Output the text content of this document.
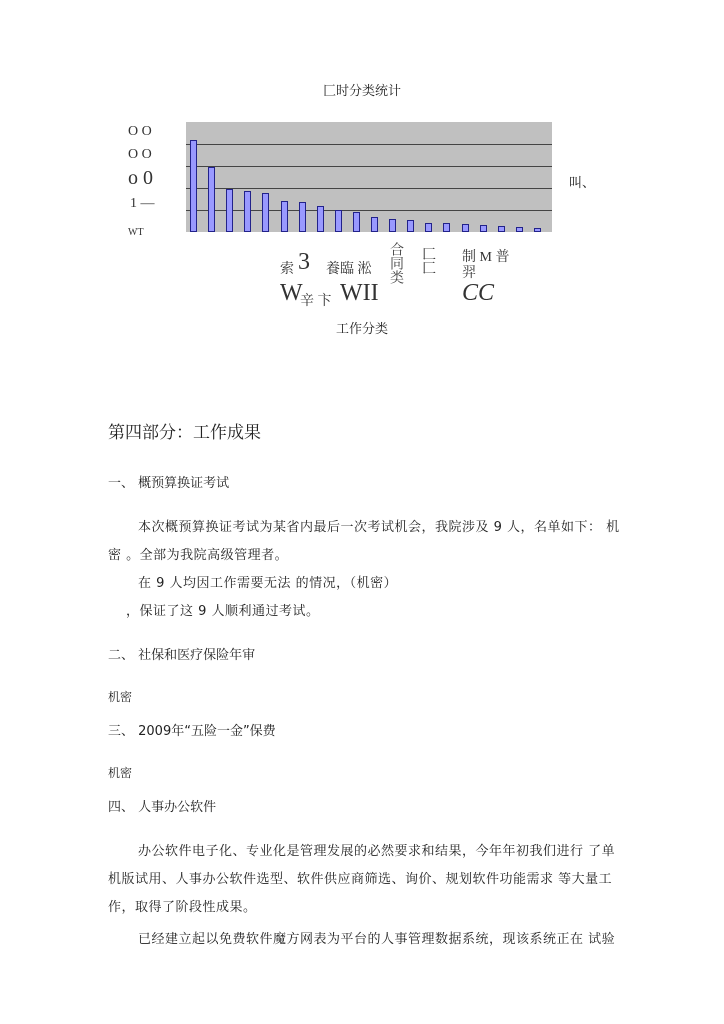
匚时分类统计
O O
O O
o 0
1 —
WT
叫、
索 3 養臨 淞 合同类 匚
匚
制 M 普
羿
W
辛 卞 WII	CC
工作分类
第四部分：工作成果
一、 概预算换证考试
本次概预算换证考试为某省内最后一次考试机会，我院涉及 9 人，名单如下： 机
密 。全部为我院高级管理者。
在 9 人均因工作需要无法 的情况，（机密）
，保证了这 9 人顺利通过考试。
二、 社保和医疗保险年审
机密
三、 2009年“五险一金”保费
机密
四、 人事办公软件
办公软件电子化、专业化是管理发展的必然要求和结果，今年年初我们进行 了单
机版试用、人事办公软件选型、软件供应商筛选、询价、规划软件功能需求 等大量工
作，取得了阶段性成果。
已经建立起以免费软件魔方网表为平台的人事管理数据系统，现该系统正在 试验
